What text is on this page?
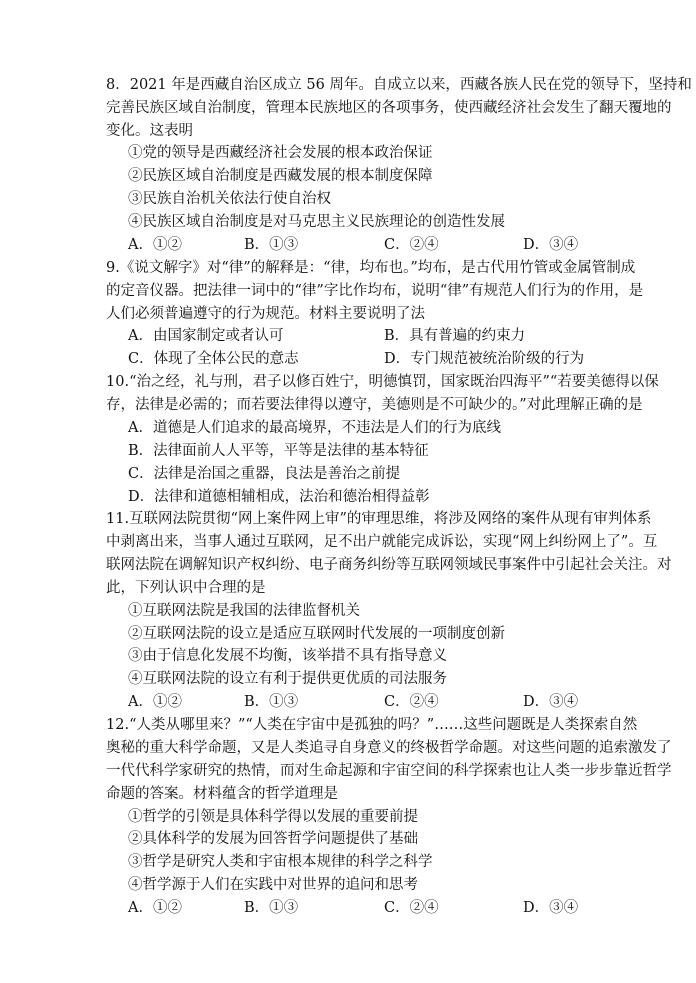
8．2021 年是西藏自治区成立 56 周年。自成立以来，西藏各族人民在党的领导下，坚持和
完善民族区域自治制度，管理本民族地区的各项事务，使西藏经济社会发生了翻天覆地的
变化。这表明
①党的领导是西藏经济社会发展的根本政治保证
②民族区域自治制度是西藏发展的根本制度保障
③民族自治机关依法行使自治权
④民族区域自治制度是对马克思主义民族理论的创造性发展
A．①②	B．①③	C．②④	D．③④
9.《说文解字》对“律”的解释是：“律，均布也。”均布，是古代用竹管或金属管制成
的定音仪器。把法律一词中的“律”字比作均布，说明“律”有规范人们行为的作用，是
人们必须普遍遵守的行为规范。材料主要说明了法
A．由国家制定或者认可	B．具有普遍的约束力
C．体现了全体公民的意志	D．专门规范被统治阶级的行为
10.“治之经，礼与刑，君子以修百姓宁，明德慎罚，国家既治四海平”“若要美德得以保
存，法律是必需的；而若要法律得以遵守，美德则是不可缺少的。”对此理解正确的是
A．道德是人们追求的最高境界，不违法是人们的行为底线
B．法律面前人人平等，平等是法律的基本特征
C．法律是治国之重器，良法是善治之前提
D．法律和道德相辅相成，法治和德治相得益彰
11.互联网法院贯彻“网上案件网上审”的审理思维，将涉及网络的案件从现有审判体系
中剥离出来，当事人通过互联网，足不出户就能完成诉讼，实现“网上纠纷网上了”。互
联网法院在调解知识产权纠纷、电子商务纠纷等互联网领域民事案件中引起社会关注。对
此，下列认识中合理的是
①互联网法院是我国的法律监督机关
②互联网法院的设立是适应互联网时代发展的一项制度创新
③由于信息化发展不均衡，该举措不具有指导意义
④互联网法院的设立有利于提供更优质的司法服务
A．①②	B．①③	C．②④	D．③④
12.“人类从哪里来？”“人类在宇宙中是孤独的吗？”……这些问题既是人类探索自然
奥秘的重大科学命题，又是人类追寻自身意义的终极哲学命题。对这些问题的追索激发了
一代代科学家研究的热情，而对生命起源和宇宙空间的科学探索也让人类一步步靠近哲学
命题的答案。材料蕴含的哲学道理是
①哲学的引领是具体科学得以发展的重要前提
②具体科学的发展为回答哲学问题提供了基础
③哲学是研究人类和宇宙根本规律的科学之科学
④哲学源于人们在实践中对世界的追问和思考
A．①②	B．①③	C．②④	D．③④
